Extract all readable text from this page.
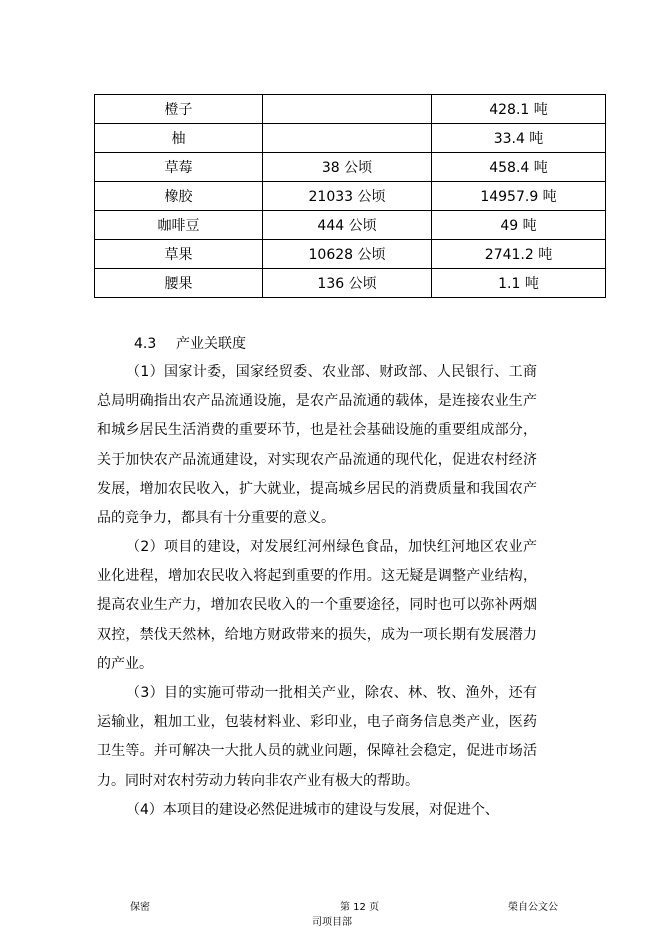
橙子		428.1 吨
柚		33.4 吨
草莓	38 公顷	458.4 吨
橡胶	21033 公顷	14957.9 吨
咖啡豆	444 公顷	49 吨
草果	10628 公顷	2741.2 吨
腰果	136 公顷	1.1 吨
4.3 产业关联度

（1）国家计委，国家经贸委、农业部、财政部、人民银行、工商总局明确指出农产品流通设施，是农产品流通的载体，是连接农业生产和城乡居民生活消费的重要环节，也是社会基础设施的重要组成部分，关于加快农产品流通建设，对实现农产品流通的现代化，促进农村经济发展，增加农民收入，扩大就业，提高城乡居民的消费质量和我国农产品的竞争力，都具有十分重要的意义。

（2）项目的建设，对发展红河州绿色食品，加快红河地区农业产业化进程，增加农民收入将起到重要的作用。这无疑是调整产业结构，提高农业生产力，增加农民收入的一个重要途径，同时也可以弥补两烟双控，禁伐天然林，给地方财政带来的损失，成为一项长期有发展潜力的产业。

（3）目的实施可带动一批相关产业，除农、林、牧、渔外，还有运输业，粗加工业，包装材料业、彩印业，电子商务信息类产业，医药卫生等。并可解决一大批人员的就业问题，保障社会稳定，促进市场活力。同时对农村劳动力转向非农产业有极大的帮助。

（4）本项目的建设必然促进城市的建设与发展，对促进个、

保密	第 12 页
司项目部
榮自公文公
